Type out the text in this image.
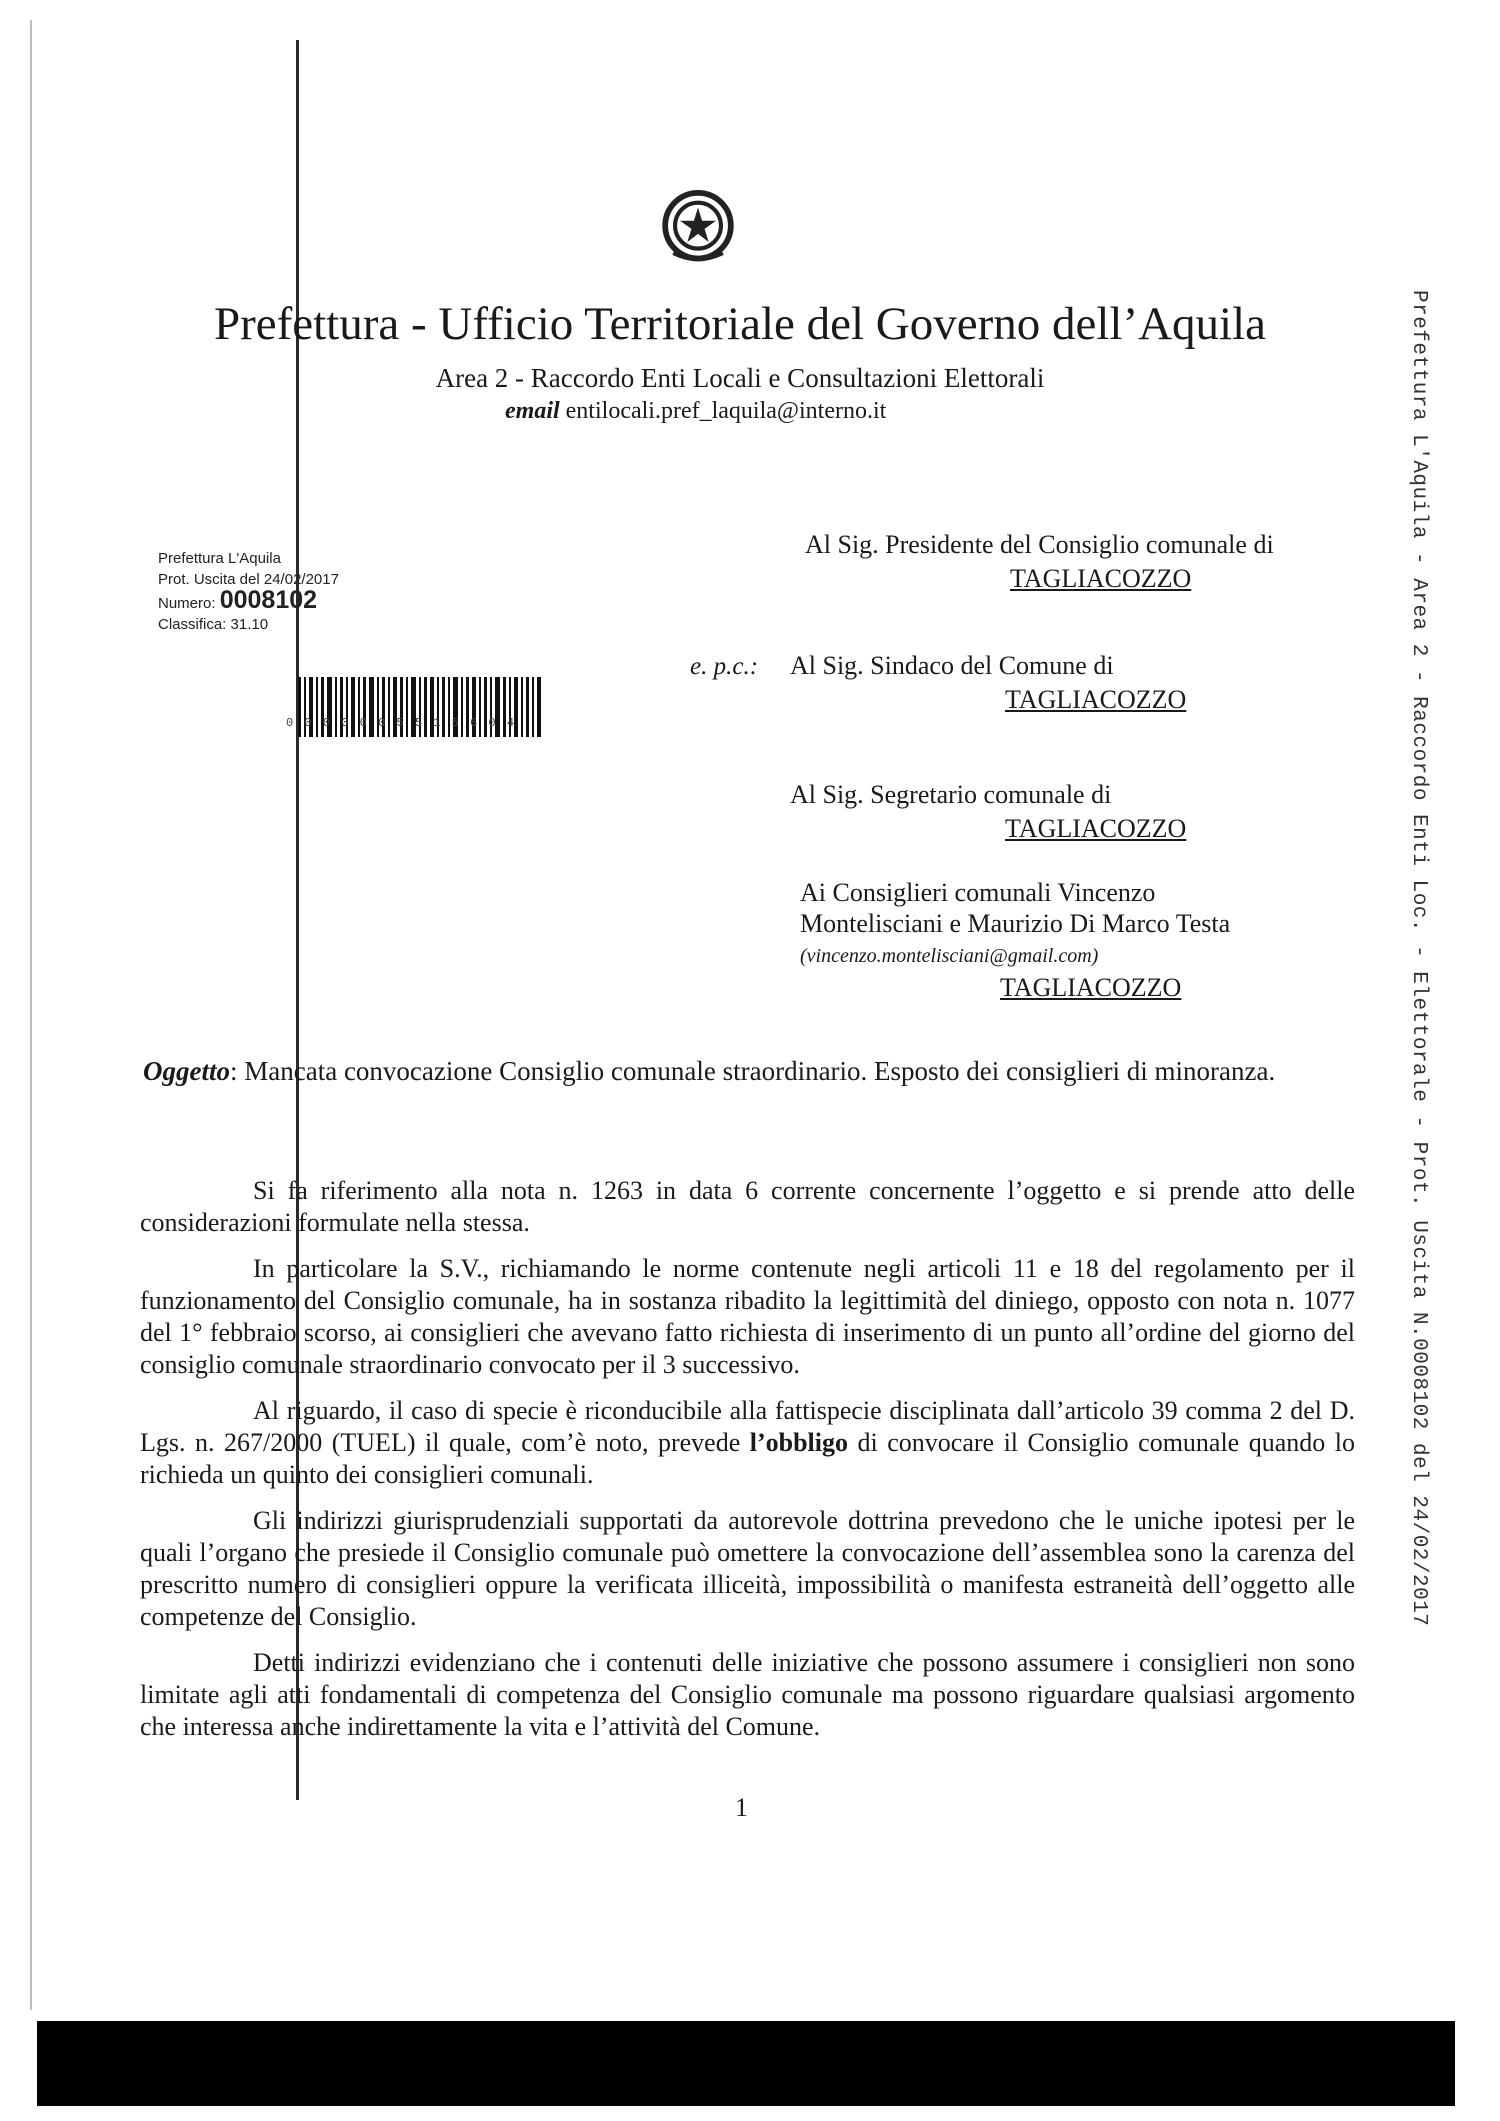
Prefettura - Ufficio Territoriale del Governo dell’Aquila
Area 2 - Raccordo Enti Locali e Consultazioni Elettorali
email entilocali.pref_laquila@interno.it
Prefettura L'Aquila
Prot. Uscita del 24/02/2017
Numero: 0008102
Classifica: 31.10
0 0 0 0 0 0 5 5 1 5 6 0 4	Prefettura L'Aquila - Area 2 - Raccordo Enti Loc. - Elettorale - Prot. Uscita N.0008102 del 24/02/2017
Al Sig. Presidente del Consiglio comunale di
TAGLIACOZZO
e. p.c.: Al Sig. Sindaco del Comune di
TAGLIACOZZO
Al Sig. Segretario comunale di
TAGLIACOZZO
Ai Consiglieri comunali Vincenzo
Montelisciani e Maurizio Di Marco Testa
(vincenzo.montelisciani@gmail.com)
TAGLIACOZZO
Oggetto: Mancata convocazione Consiglio comunale straordinario. Esposto dei consiglieri di minoranza.

Si fa riferimento alla nota n. 1263 in data 6 corrente concernente l’oggetto e si prende atto delle considerazioni formulate nella stessa.

In particolare la S.V., richiamando le norme contenute negli articoli 11 e 18 del regolamento per il funzionamento del Consiglio comunale, ha in sostanza ribadito la legittimità del diniego, opposto con nota n. 1077 del 1° febbraio scorso, ai consiglieri che avevano fatto richiesta di inserimento di un punto all’ordine del giorno del consiglio comunale straordinario convocato per il 3 successivo.

Al riguardo, il caso di specie è riconducibile alla fattispecie disciplinata dall’articolo 39 comma 2 del D. Lgs. n. 267/2000 (TUEL) il quale, com’è noto, prevede l’obbligo di convocare il Consiglio comunale quando lo richieda un quinto dei consiglieri comunali.

Gli indirizzi giurisprudenziali supportati da autorevole dottrina prevedono che le uniche ipotesi per le quali l’organo che presiede il Consiglio comunale può omettere la convocazione dell’assemblea sono la carenza del prescritto numero di consiglieri oppure la verificata illiceità, impossibilità o manifesta estraneità dell’oggetto alle competenze del Consiglio.

Detti indirizzi evidenziano che i contenuti delle iniziative che possono assumere i consiglieri non sono limitate agli atti fondamentali di competenza del Consiglio comunale ma possono riguardare qualsiasi argomento che interessa anche indirettamente la vita e l’attività del Comune.

1
